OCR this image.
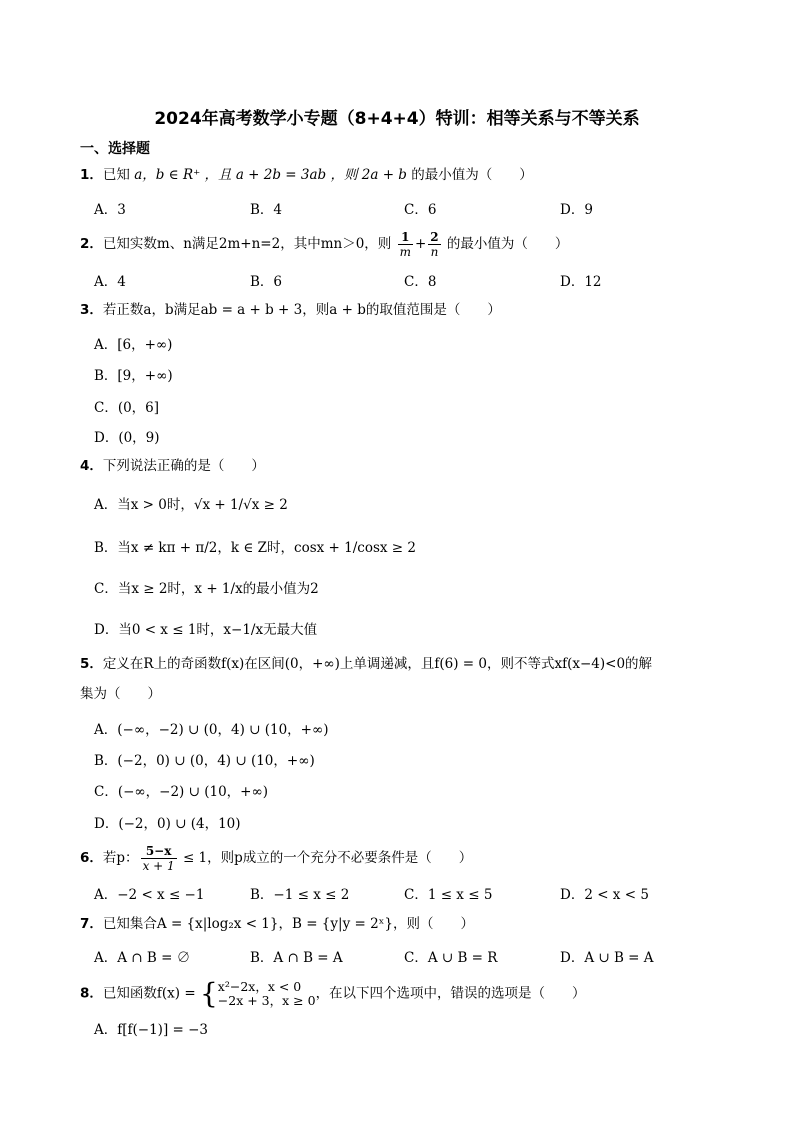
2024年高考数学小专题（8+4+4）特训：相等关系与不等关系
一、选择题
1．已知 a，b ∈ R⁺ ，且 a + 2b = 3ab ，则 2a + b 的最小值为（　　）
A．3	B．4	C．6	D．9
2．已知实数m、n满足2m+n=2，其中mn＞0，则 $\frac{1}{m} + \frac{2}{n}$ 的最小值为（　　）
A．4	B．6	C．8	D．12
3．若正数a，b满足ab = a + b + 3，则a + b的取值范围是（　　）
A．[6，+∞)
B．[9，+∞)
C．(0，6]
D．(0，9)
4．下列说法正确的是（　　）
A．当x > 0时，√x + 1/√x ≥ 2
B．当x ≠ kπ + π/2，k ∈ Z时，cosx + 1/cosx ≥ 2
C．当x ≥ 2时，x + 1/x的最小值为2
D．当0 < x ≤ 1时，x−1/x无最大值
5．定义在R上的奇函数f(x)在区间(0，+∞)上单调递减，且f(6) = 0，则不等式xf(x−4)<0的解
集为（　　）
A．(−∞，−2) ∪ (0，4) ∪ (10，+∞)
B．(−2，0) ∪ (0，4) ∪ (10，+∞)
C．(−∞，−2) ∪ (10，+∞)
D．(−2，0) ∪ (4，10)
6．若p： $\frac{5-x}{x + 1} \le 1$，则p成立的一个充分不必要条件是（　　）
A．−2 < x ≤ −1	B．−1 ≤ x ≤ 2	C．1 ≤ x ≤ 5	D．2 < x < 5
7．已知集合A = {x|log₂x < 1}，B = {y|y = 2ˣ}，则（　　）
A．A ∩ B = ∅	B．A ∩ B = A	C．A ∪ B = R	D．A ∪ B = A
8．已知函数f(x) = { x²−2x，x < 0
−2x + 3，x ≥ 0 ，在以下四个选项中，错误的选项是（　　）
A．f[f(−1)] = −3
